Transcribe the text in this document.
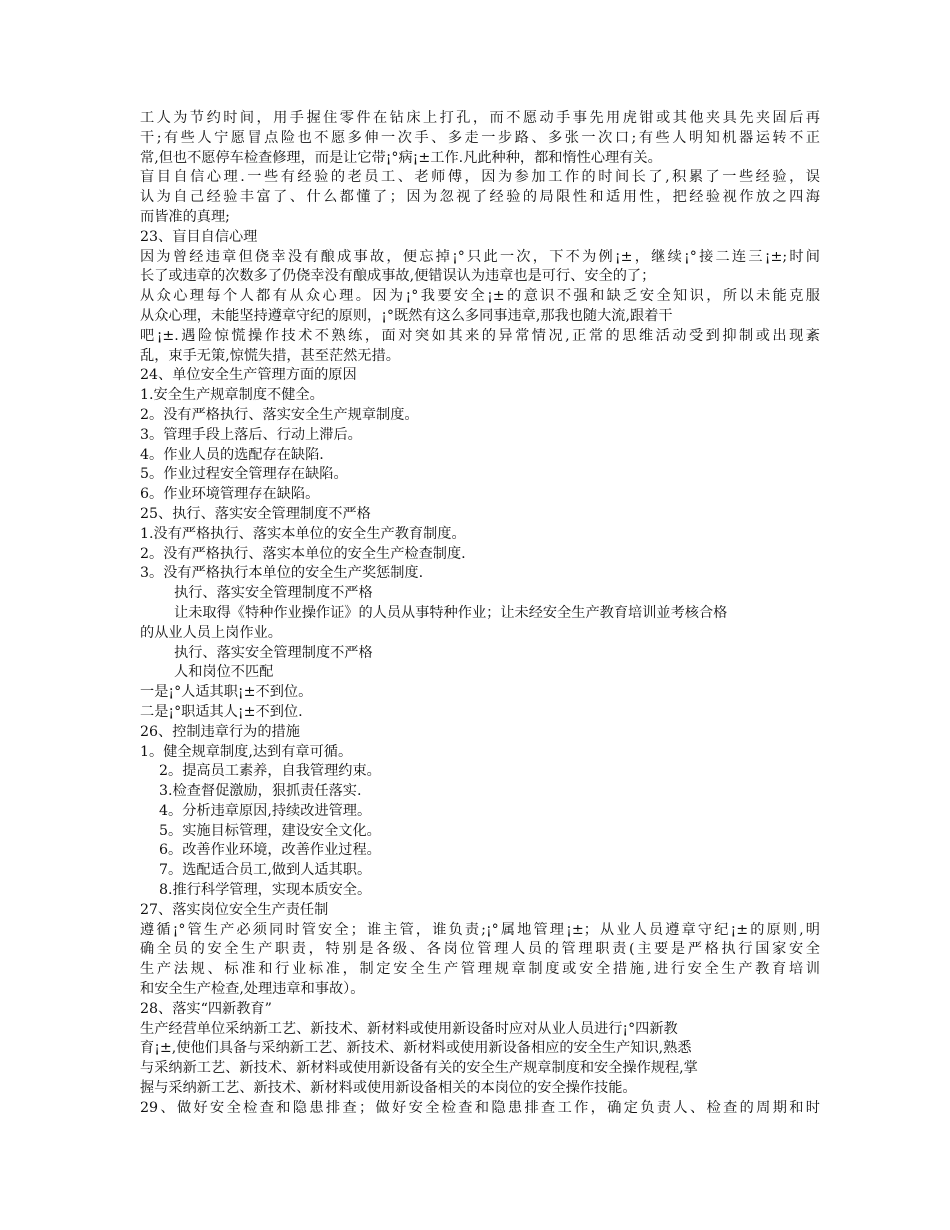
工人为节约时间，用手握住零件在钻床上打孔，而不愿动手事先用虎钳或其他夹具先夹固后再
干;有些人宁愿冒点险也不愿多伸一次手、多走一步路、多张一次口;有些人明知机器运转不正
常,但也不愿停车检查修理，而是让它带¡°病¡±工作.凡此种种，都和惰性心理有关。
盲目自信心理.一些有经验的老员工、老师傅，因为参加工作的时间长了,积累了一些经验，误
认为自己经验丰富了、什么都懂了；因为忽视了经验的局限性和适用性，把经验视作放之四海
而皆准的真理;
23、盲目自信心理
因为曾经违章但侥幸没有酿成事故，便忘掉¡°只此一次，下不为例¡±，继续¡°接二连三¡±;时间
长了或违章的次数多了仍侥幸没有酿成事故,便错误认为违章也是可行、安全的了；
从众心理每个人都有从众心理。因为¡°我要安全¡±的意识不强和缺乏安全知识，所以未能克服
从众心理，未能坚持遵章守纪的原则，¡°既然有这么多同事违章,那我也随大流,跟着干
吧¡±.遇险惊慌操作技术不熟练，面对突如其来的异常情况,正常的思维活动受到抑制或出现紊
乱，束手无策,惊慌失措，甚至茫然无措。
24、单位安全生产管理方面的原因
1.安全生产规章制度不健全。
2。没有严格执行、落实安全生产规章制度。
3。管理手段上落后、行动上滞后。
4。作业人员的选配存在缺陷.
5。作业过程安全管理存在缺陷。
6。作业环境管理存在缺陷。
25、执行、落实安全管理制度不严格
1.没有严格执行、落实本单位的安全生产教育制度。
2。没有严格执行、落实本单位的安全生产检查制度.
3。没有严格执行本单位的安全生产奖惩制度.
执行、落实安全管理制度不严格
让未取得《特种作业操作证》的人员从事特种作业；让未经安全生产教育培训並考核合格
的从业人员上岗作业。
执行、落实安全管理制度不严格
人和岗位不匹配
一是¡°人适其职¡±不到位。
二是¡°职适其人¡±不到位.
26、控制违章行为的措施
1。健全规章制度,达到有章可循。
2。提高员工素养，自我管理约束。
3.检查督促激励，狠抓责任落实.
4。分析违章原因,持续改进管理。
5。实施目标管理，建设安全文化。
6。改善作业环境，改善作业过程。
7。选配适合员工,做到人适其职。
8.推行科学管理，实现本质安全。
27、落实岗位安全生产责任制
遵循¡°管生产必须同时管安全；谁主管，谁负责;¡°属地管理¡±；从业人员遵章守纪¡±的原则,明
确全员的安全生产职责，特别是各级、各岗位管理人员的管理职责(主要是严格执行国家安全
生产法规、标准和行业标准，制定安全生产管理规章制度或安全措施,进行安全生产教育培训
和安全生产检查,处理违章和事故）。
28、落实“四新教育”
生产经营单位采纳新工艺、新技术、新材料或使用新设备时应对从业人员进行¡°四新教
育¡±,使他们具备与采纳新工艺、新技术、新材料或使用新设备相应的安全生产知识,熟悉
与采纳新工艺、新技术、新材料或使用新设备有关的安全生产规章制度和安全操作规程,掌
握与采纳新工艺、新技术、新材料或使用新设备相关的本岗位的安全操作技能。
29、做好安全检查和隐患排查；做好安全检查和隐患排查工作，确定负责人、检查的周期和时
